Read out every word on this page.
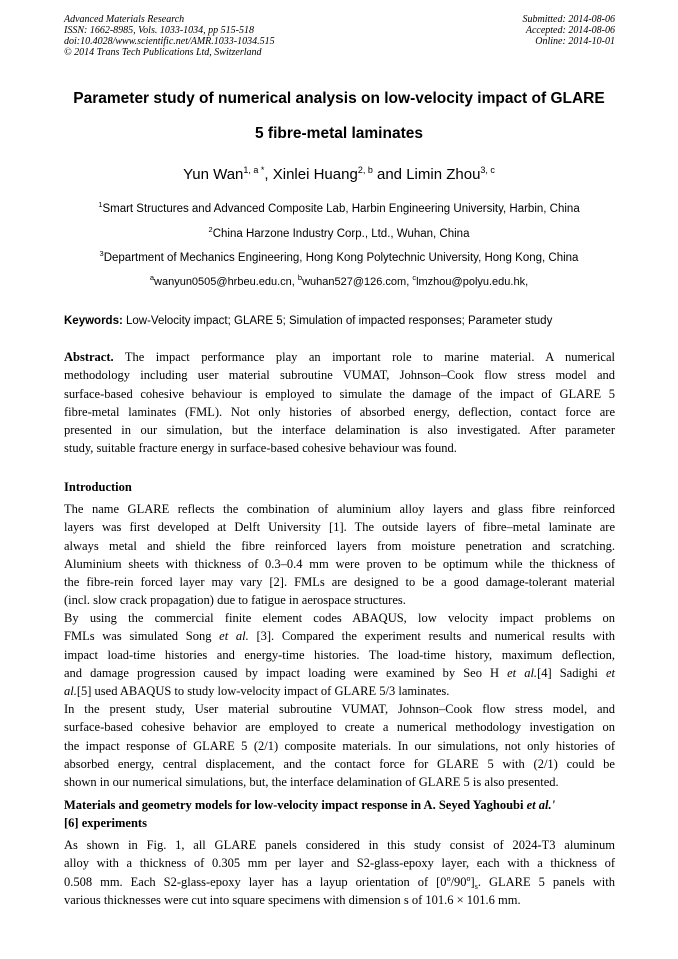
Advanced Materials Research
ISSN: 1662-8985, Vols. 1033-1034, pp 515-518
doi:10.4028/www.scientific.net/AMR.1033-1034.515
© 2014 Trans Tech Publications Ltd, Switzerland
Submitted: 2014-08-06
Accepted: 2014-08-06
Online: 2014-10-01
Parameter study of numerical analysis on low-velocity impact of GLARE
5 fibre-metal laminates
Yun Wan$^{1, a *}$, Xinlei Huang$^{2, b}$ and Limin Zhou$^{3, c}$
$^1$Smart Structures and Advanced Composite Lab, Harbin Engineering University, Harbin, China
$^2$China Harzone Industry Corp., Ltd., Wuhan, China
$^3$Department of Mechanics Engineering, Hong Kong Polytechnic University, Hong Kong, China
$^a$wanyun0505@hrbeu.edu.cn, $^b$wuhan527@126.com, $^c$lmzhou@polyu.edu.hk,
Keywords: Low-Velocity impact; GLARE 5; Simulation of impacted responses; Parameter study
Abstract. The impact performance play an important role to marine material. A numerical
methodology including user material subroutine VUMAT, Johnson–Cook flow stress model and
surface-based cohesive behaviour is employed to simulate the damage of the impact of GLARE 5
fibre-metal laminates (FML). Not only histories of absorbed energy, deflection, contact force are
presented in our simulation, but the interface delamination is also investigated. After parameter
study, suitable fracture energy in surface-based cohesive behaviour was found.
Introduction
The name GLARE reflects the combination of aluminium alloy layers and glass fibre reinforced
layers was first developed at Delft University [1]. The outside layers of fibre–metal laminate are
always metal and shield the fibre reinforced layers from moisture penetration and scratching.
Aluminium sheets with thickness of 0.3–0.4 mm were proven to be optimum while the thickness of
the fibre-rein forced layer may vary [2]. FMLs are designed to be a good damage-tolerant material
(incl. slow crack propagation) due to fatigue in aerospace structures.
By using the commercial finite element codes ABAQUS, low velocity impact problems on
FMLs was simulated Song et al. [3]. Compared the experiment results and numerical results with
impact load-time histories and energy-time histories. The load-time history, maximum deflection,
and damage progression caused by impact loading were examined by Seo H et al.[4] Sadighi et
al.[5] used ABAQUS to study low-velocity impact of GLARE 5/3 laminates.
In the present study, User material subroutine VUMAT, Johnson–Cook flow stress model, and
surface-based cohesive behavior are employed to create a numerical methodology investigation on
the impact response of GLARE 5 (2/1) composite materials. In our simulations, not only histories of
absorbed energy, central displacement, and the contact force for GLARE 5 with (2/1) could be
shown in our numerical simulations, but, the interface delamination of GLARE 5 is also presented.
Materials and geometry models for low-velocity impact response in A. Seyed Yaghoubi et al.'
[6] experiments
As shown in Fig. 1, all GLARE panels considered in this study consist of 2024-T3 aluminum
alloy with a thickness of 0.305 mm per layer and S2-glass-epoxy layer, each with a thickness of
0.508 mm. Each S2-glass-epoxy layer has a layup orientation of $[0^o/90^o]_s$. GLARE 5 panels with
various thicknesses were cut into square specimens with dimension s of 101.6 × 101.6 mm.
